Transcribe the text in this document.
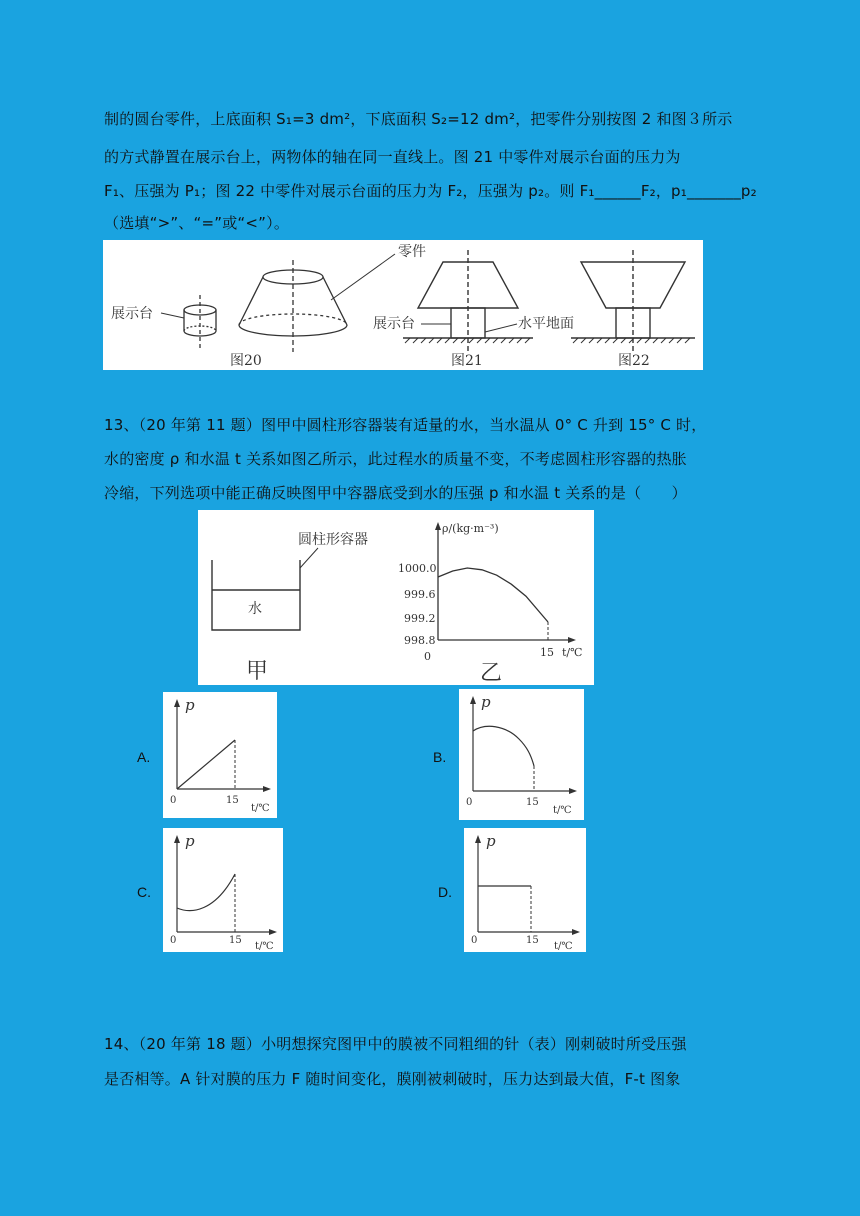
制的圆台零件，上底面积 S₁=3 dm²，下底面积 S₂=12 dm²，把零件分别按图 2 和图３所示
的方式静置在展示台上，两物体的轴在同一直线上。图 21 中零件对展示台面的压力为
F₁、压强为 P₁；图 22 中零件对展示台面的压力为 F₂，压强为 p₂。则 F₁______F₂，p₁_______p₂
（选填“>”、“=”或“<”）。
展示台
零件
图20
展示台	水平地面
图21	图22
13、（20 年第 11 题）图甲中圆柱形容器装有适量的水，当水温从 0° C 升到 15° C 时，
水的密度 ρ 和水温 t 关系如图乙所示，此过程水的质量不变，不考虑圆柱形容器的热胀
冷缩，下列选项中能正确反映图甲中容器底受到水的压强 p 和水温 t 关系的是（　　）
圆柱形容器
水
甲	乙
ρ/(kg·m⁻³)
t/℃
1000.0
999.6
999.2
998.8
0	15
A.
p
0	15
t/℃
B.
p
0	15
t/℃
C.
p
0	15
t/℃
D.
p
0	15
t/℃
14、（20 年第 18 题）小明想探究图甲中的膜被不同粗细的针（表）刚刺破时所受压强
是否相等。A 针对膜的压力 F 随时间变化，膜刚被刺破时，压力达到最大值，F-t 图象
